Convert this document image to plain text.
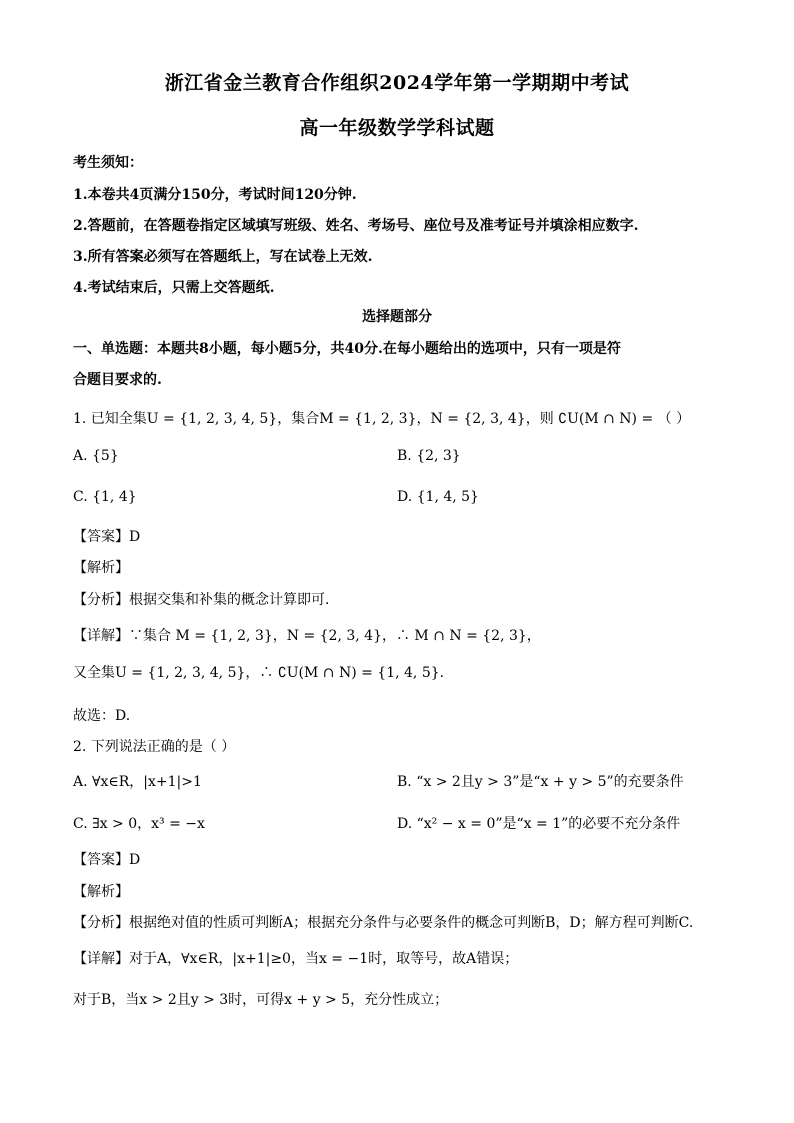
浙江省金兰教育合作组织2024学年第一学期期中考试
高一年级数学学科试题
考生须知：
1.本卷共4页满分150分，考试时间120分钟.
2.答题前，在答题卷指定区域填写班级、姓名、考场号、座位号及准考证号并填涂相应数字.
3.所有答案必须写在答题纸上，写在试卷上无效.
4.考试结束后，只需上交答题纸.
选择题部分
一、单选题：本题共8小题，每小题5分，共40分.在每小题给出的选项中，只有一项是符
合题目要求的.
1. 已知全集U = {1, 2, 3, 4, 5}，集合M = {1, 2, 3}，N = {2, 3, 4}，则 ∁U(M ∩ N) = （ ）
A. {5}	B. {2, 3}
C. {1, 4}	D. {1, 4, 5}
【答案】D
【解析】
【分析】根据交集和补集的概念计算即可.
【详解】∵集合 M = {1, 2, 3}，N = {2, 3, 4}，∴ M ∩ N = {2, 3}，
又全集U = {1, 2, 3, 4, 5}，∴ ∁U(M ∩ N) = {1, 4, 5}.
故选：D.
2. 下列说法正确的是（ ）
A. ∀x∈R，|x+1|>1	B. “x > 2且y > 3”是“x + y > 5”的充要条件
C. ∃x > 0，x³ = −x	D. “x² − x = 0”是“x = 1”的必要不充分条件
【答案】D
【解析】
【分析】根据绝对值的性质可判断A；根据充分条件与必要条件的概念可判断B，D；解方程可判断C.
【详解】对于A，∀x∈R，|x+1|≥0，当x = −1时，取等号，故A错误；
对于B，当x > 2且y > 3时，可得x + y > 5，充分性成立；
